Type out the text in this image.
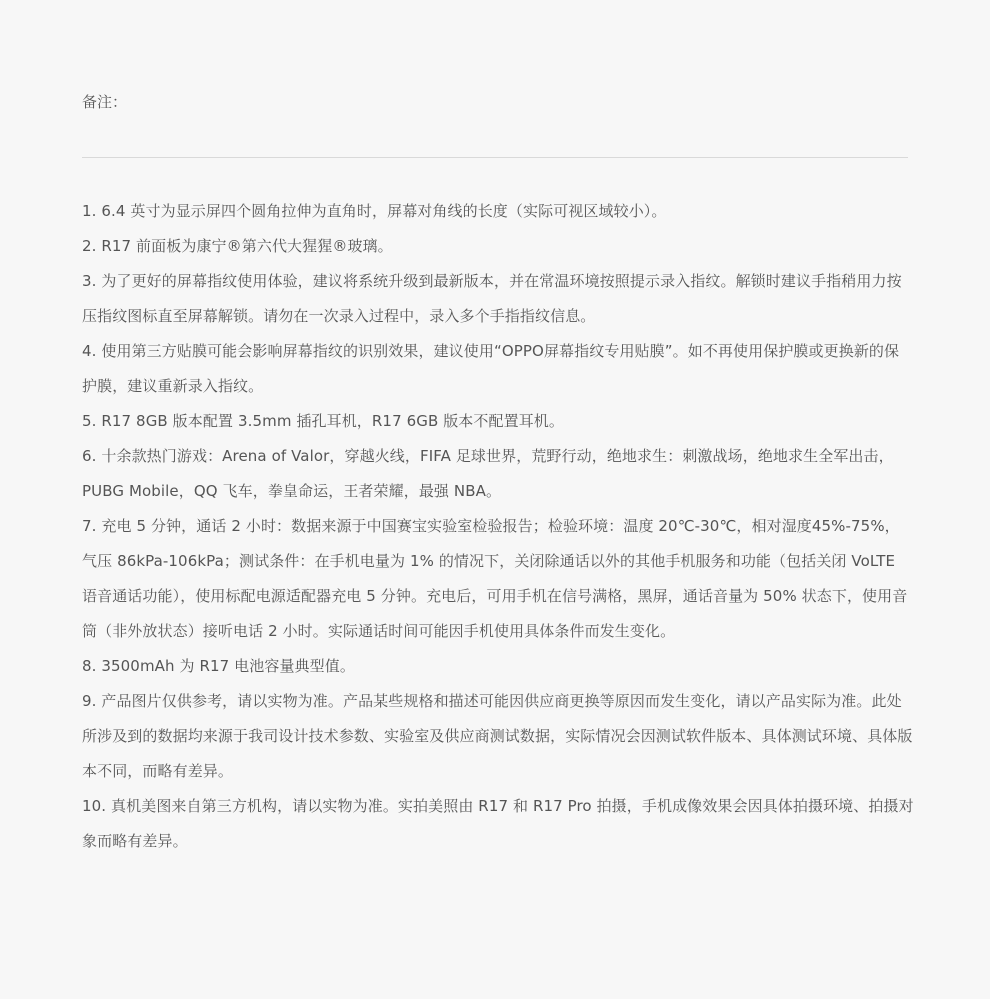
备注：
1. 6.4 英寸为显示屏四个圆角拉伸为直角时，屏幕对角线的长度（实际可视区域较小）。
2. R17 前面板为康宁®第六代大猩猩®玻璃。
3. 为了更好的屏幕指纹使用体验，建议将系统升级到最新版本，并在常温环境按照提示录入指纹。解锁时建议手指稍用力按压指纹图标直至屏幕解锁。请勿在一次录入过程中，录入多个手指指纹信息。
4. 使用第三方贴膜可能会影响屏幕指纹的识别效果，建议使用“OPPO屏幕指纹专用贴膜”。如不再使用保护膜或更换新的保护膜，建议重新录入指纹。
5. R17 8GB 版本配置 3.5mm 插孔耳机，R17 6GB 版本不配置耳机。
6. 十余款热门游戏：Arena of Valor，穿越火线，FIFA 足球世界，荒野行动，绝地求生：刺激战场，绝地求生全军出击，PUBG Mobile，QQ 飞车，拳皇命运，王者荣耀，最强 NBA。
7. 充电 5 分钟，通话 2 小时：数据来源于中国赛宝实验室检验报告；检验环境：温度 20℃-30℃，相对湿度45%-75%，气压 86kPa-106kPa；测试条件：在手机电量为 1% 的情况下，关闭除通话以外的其他手机服务和功能（包括关闭 VoLTE 语音通话功能），使用标配电源适配器充电 5 分钟。充电后，可用手机在信号满格，黑屏，通话音量为 50% 状态下，使用音筒（非外放状态）接听电话 2 小时。实际通话时间可能因手机使用具体条件而发生变化。
8. 3500mAh 为 R17 电池容量典型值。
9. 产品图片仅供参考，请以实物为准。产品某些规格和描述可能因供应商更换等原因而发生变化，请以产品实际为准。此处所涉及到的数据均来源于我司设计技术参数、实验室及供应商测试数据，实际情况会因测试软件版本、具体测试环境、具体版本不同，而略有差异。
10. 真机美图来自第三方机构，请以实物为准。实拍美照由 R17 和 R17 Pro 拍摄，手机成像效果会因具体拍摄环境、拍摄对象而略有差异。
